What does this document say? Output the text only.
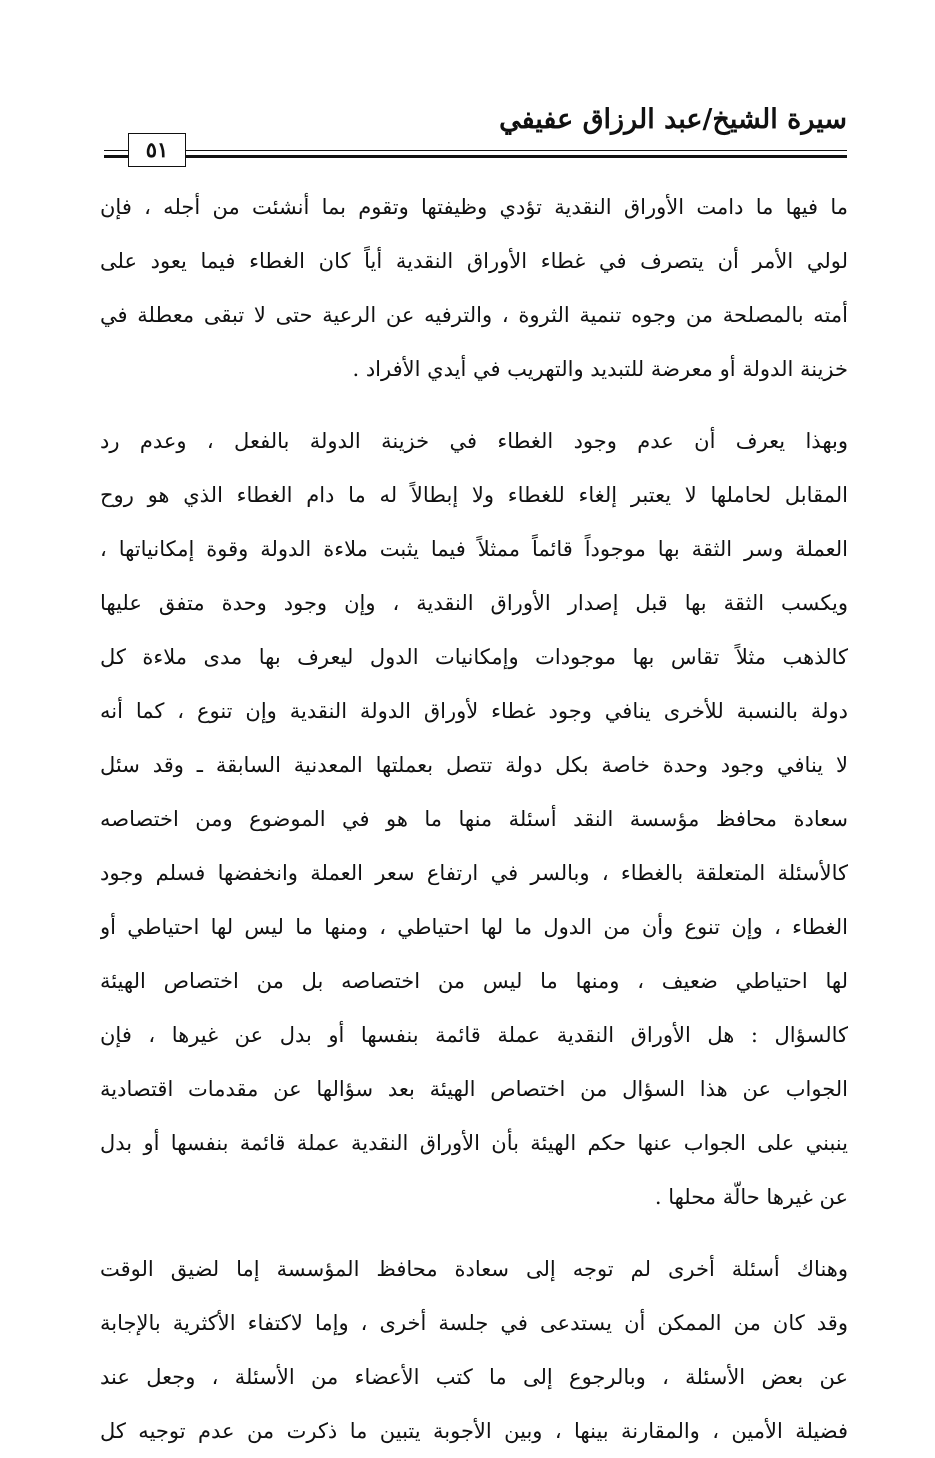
سيرة الشيخ/عبد الرزاق عفيفي
٥١
ما فيها ما دامت الأوراق النقدية تؤدي وظيفتها وتقوم بما أنشئت من أجله ، فإن
لولي الأمر أن يتصرف في غطاء الأوراق النقدية أياً كان الغطاء فيما يعود على
أمته بالمصلحة من وجوه تنمية الثروة ، والترفيه عن الرعية حتى لا تبقى معطلة في
خزينة الدولة أو معرضة للتبديد والتهريب في أيدي الأفراد .
وبهذا يعرف أن عدم وجود الغطاء في خزينة الدولة بالفعل ، وعدم رد
المقابل لحاملها لا يعتبر إلغاء للغطاء ولا إبطالاً له ما دام الغطاء الذي هو روح
العملة وسر الثقة بها موجوداً قائماً ممثلاً فيما يثبت ملاءة الدولة وقوة إمكانياتها ،
ويكسب الثقة بها قبل إصدار الأوراق النقدية ، وإن وجود وحدة متفق عليها
كالذهب مثلاً تقاس بها موجودات وإمكانيات الدول ليعرف بها مدى ملاءة كل
دولة بالنسبة للأخرى ينافي وجود غطاء لأوراق الدولة النقدية وإن تنوع ، كما أنه
لا ينافي وجود وحدة خاصة بكل دولة تتصل بعملتها المعدنية السابقة ـ وقد سئل
سعادة محافظ مؤسسة النقد أسئلة منها ما هو في الموضوع ومن اختصاصه
كالأسئلة المتعلقة بالغطاء ، وبالسر في ارتفاع سعر العملة وانخفضها فسلم وجود
الغطاء ، وإن تنوع وأن من الدول ما لها احتياطي ، ومنها ما ليس لها احتياطي أو
لها احتياطي ضعيف ، ومنها ما ليس من اختصاصه بل من اختصاص الهيئة
كالسؤال : هل الأوراق النقدية عملة قائمة بنفسها أو بدل عن غيرها ، فإن
الجواب عن هذا السؤال من اختصاص الهيئة بعد سؤالها عن مقدمات اقتصادية
ينبني على الجواب عنها حكم الهيئة بأن الأوراق النقدية عملة قائمة بنفسها أو بدل
عن غيرها حالّة محلها .
وهناك أسئلة أخرى لم توجه إلى سعادة محافظ المؤسسة إما لضيق الوقت
وقد كان من الممكن أن يستدعى في جلسة أخرى ، وإما لاكتفاء الأكثرية بالإجابة
عن بعض الأسئلة ، وبالرجوع إلى ما كتب الأعضاء من الأسئلة ، وجعل عند
فضيلة الأمين ، والمقارنة بينها ، وبين الأجوبة يتبين ما ذكرت من عدم توجيه كل
